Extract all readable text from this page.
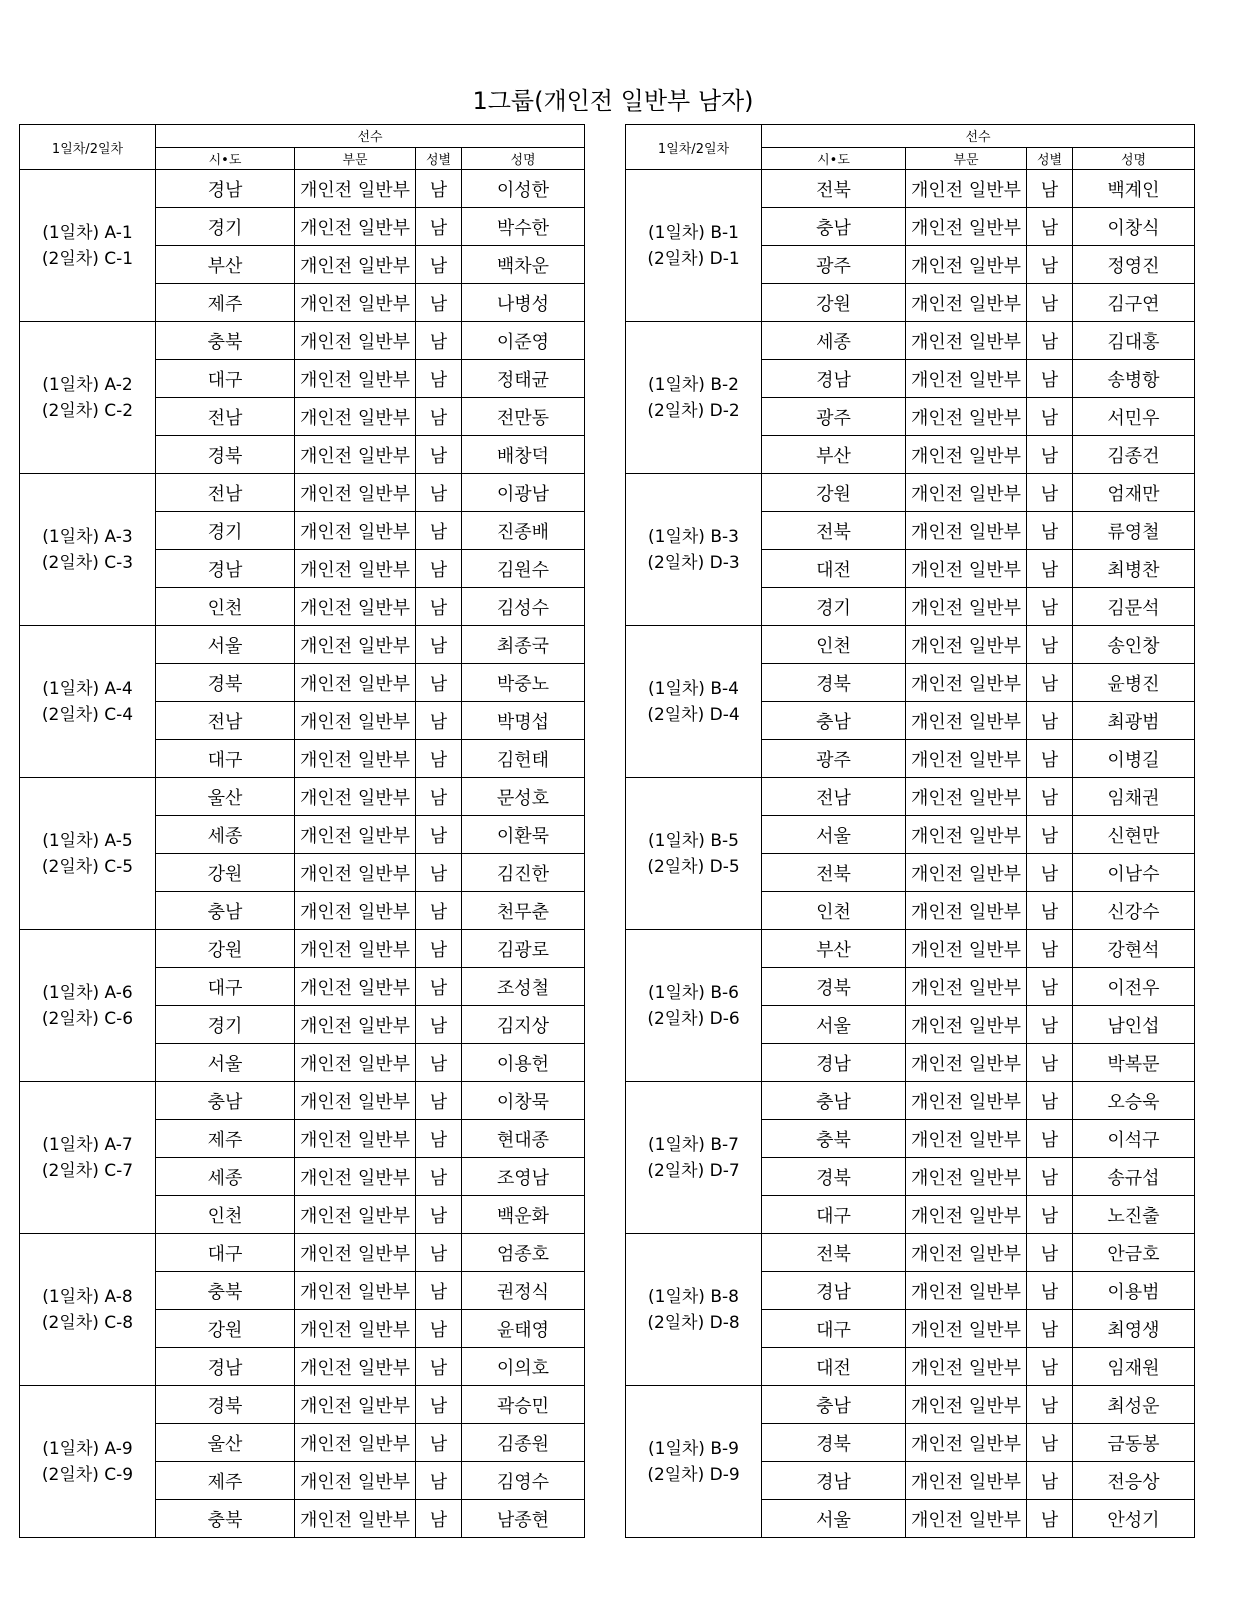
1그룹(개인전 일반부 남자)
1일차/2일차	선수			
	시•도	부문	성별	성명

(1일차) A-1
(2일차) C-1	경남	개인전 일반부	남	이성한
	경기	개인전 일반부	남	박수한
	부산	개인전 일반부	남	백차운
	제주	개인전 일반부	남	나병성

(1일차) A-2
(2일차) C-2	충북	개인전 일반부	남	이준영
	대구	개인전 일반부	남	정태균
	전남	개인전 일반부	남	전만동
	경북	개인전 일반부	남	배창덕

(1일차) A-3
(2일차) C-3	전남	개인전 일반부	남	이광남
	경기	개인전 일반부	남	진종배
	경남	개인전 일반부	남	김원수
	인천	개인전 일반부	남	김성수

(1일차) A-4
(2일차) C-4	서울	개인전 일반부	남	최종국
	경북	개인전 일반부	남	박중노
	전남	개인전 일반부	남	박명섭
	대구	개인전 일반부	남	김헌태

(1일차) A-5
(2일차) C-5	울산	개인전 일반부	남	문성호
	세종	개인전 일반부	남	이환묵
	강원	개인전 일반부	남	김진한
	충남	개인전 일반부	남	천무춘

(1일차) A-6
(2일차) C-6	강원	개인전 일반부	남	김광로
	대구	개인전 일반부	남	조성철
	경기	개인전 일반부	남	김지상
	서울	개인전 일반부	남	이용헌

(1일차) A-7
(2일차) C-7	충남	개인전 일반부	남	이창묵
	제주	개인전 일반부	남	현대종
	세종	개인전 일반부	남	조영남
	인천	개인전 일반부	남	백운화

(1일차) A-8
(2일차) C-8	대구	개인전 일반부	남	엄종호
	충북	개인전 일반부	남	권정식
	강원	개인전 일반부	남	윤태영
	경남	개인전 일반부	남	이의호

(1일차) A-9
(2일차) C-9	경북	개인전 일반부	남	곽승민
	울산	개인전 일반부	남	김종원
	제주	개인전 일반부	남	김영수
	충북	개인전 일반부	남	남종현
1일차/2일차	선수			
	시•도	부문	성별	성명

(1일차) B-1
(2일차) D-1	전북	개인전 일반부	남	백계인
	충남	개인전 일반부	남	이창식
	광주	개인전 일반부	남	정영진
	강원	개인전 일반부	남	김구연

(1일차) B-2
(2일차) D-2	세종	개인전 일반부	남	김대홍
	경남	개인전 일반부	남	송병항
	광주	개인전 일반부	남	서민우
	부산	개인전 일반부	남	김종건

(1일차) B-3
(2일차) D-3	강원	개인전 일반부	남	엄재만
	전북	개인전 일반부	남	류영철
	대전	개인전 일반부	남	최병찬
	경기	개인전 일반부	남	김문석

(1일차) B-4
(2일차) D-4	인천	개인전 일반부	남	송인창
	경북	개인전 일반부	남	윤병진
	충남	개인전 일반부	남	최광범
	광주	개인전 일반부	남	이병길

(1일차) B-5
(2일차) D-5	전남	개인전 일반부	남	임채권
	서울	개인전 일반부	남	신현만
	전북	개인전 일반부	남	이남수
	인천	개인전 일반부	남	신강수

(1일차) B-6
(2일차) D-6	부산	개인전 일반부	남	강현석
	경북	개인전 일반부	남	이전우
	서울	개인전 일반부	남	남인섭
	경남	개인전 일반부	남	박복문

(1일차) B-7
(2일차) D-7	충남	개인전 일반부	남	오승욱
	충북	개인전 일반부	남	이석구
	경북	개인전 일반부	남	송규섭
	대구	개인전 일반부	남	노진출

(1일차) B-8
(2일차) D-8	전북	개인전 일반부	남	안금호
	경남	개인전 일반부	남	이용범
	대구	개인전 일반부	남	최영생
	대전	개인전 일반부	남	임재원

(1일차) B-9
(2일차) D-9	충남	개인전 일반부	남	최성운
	경북	개인전 일반부	남	금동봉
	경남	개인전 일반부	남	전응상
	서울	개인전 일반부	남	안성기
